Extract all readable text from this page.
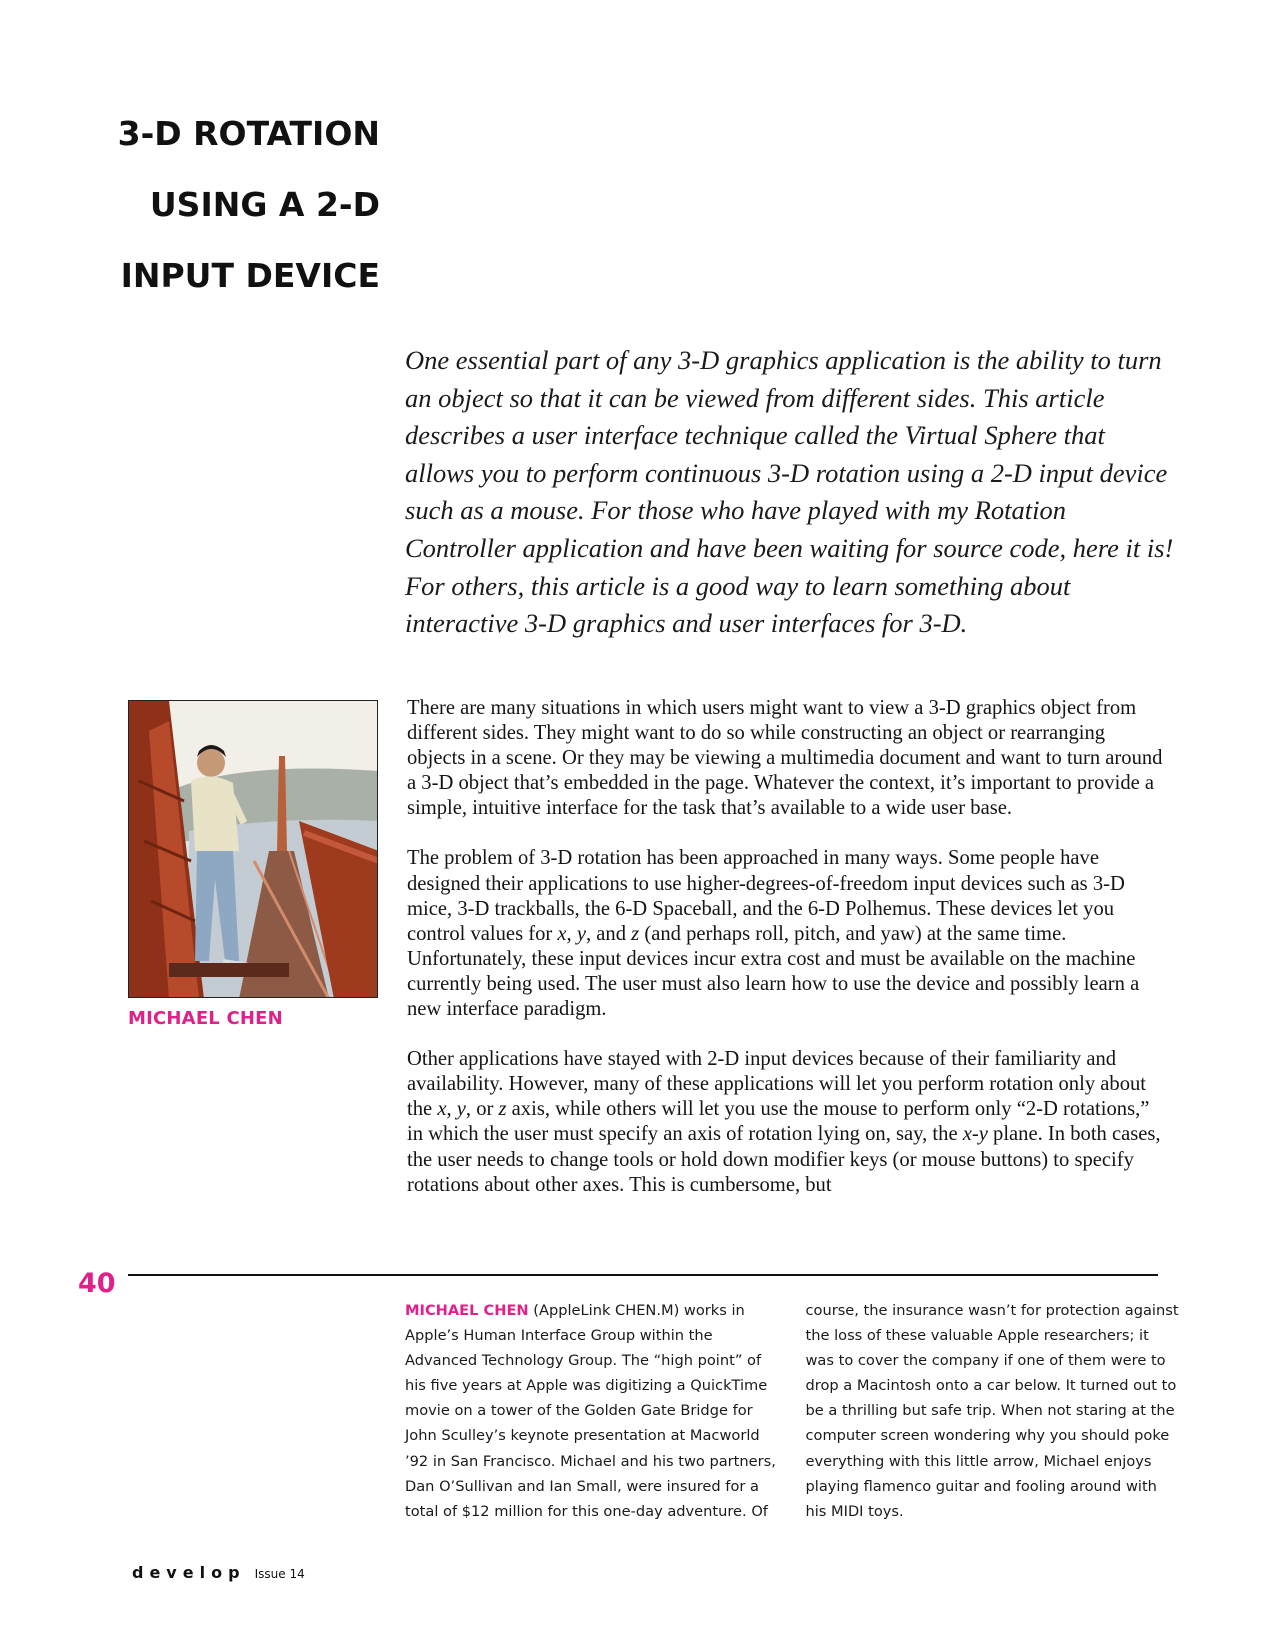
3-D ROTATION
USING A 2-D
INPUT DEVICE
One essential part of any 3-D graphics application is the ability to turn an object so that it can be viewed from different sides. This article describes a user interface technique called the Virtual Sphere that allows you to perform continuous 3-D rotation using a 2-D input device such as a mouse. For those who have played with my Rotation Controller application and have been waiting for source code, here it is! For others, this article is a good way to learn something about interactive 3-D graphics and user interfaces for 3-D.
MICHAEL CHEN

There are many situations in which users might want to view a 3-D graphics object from different sides. They might want to do so while constructing an object or rearranging objects in a scene. Or they may be viewing a multimedia document and want to turn around a 3-D object that’s embedded in the page. Whatever the context, it’s important to provide a simple, intuitive interface for the task that’s available to a wide user base.

The problem of 3-D rotation has been approached in many ways. Some people have designed their applications to use higher-degrees-of-freedom input devices such as 3-D mice, 3-D trackballs, the 6-D Spaceball, and the 6-D Polhemus. These devices let you control values for x, y, and z (and perhaps roll, pitch, and yaw) at the same time. Unfortunately, these input devices incur extra cost and must be available on the machine currently being used. The user must also learn how to use the device and possibly learn a new interface paradigm.

Other applications have stayed with 2-D input devices because of their familiarity and availability. However, many of these applications will let you perform rotation only about the x, y, or z axis, while others will let you use the mouse to perform only “2-D rotations,” in which the user must specify an axis of rotation lying on, say, the x-y plane. In both cases, the user needs to change tools or hold down modifier keys (or mouse buttons) to specify rotations about other axes. This is cumbersome, but

40
MICHAEL CHEN (AppleLink CHEN.M) works in Apple’s Human Interface Group within the Advanced Technology Group. The “high point” of his five years at Apple was digitizing a QuickTime movie on a tower of the Golden Gate Bridge for John Sculley’s keynote presentation at Macworld ’92 in San Francisco. Michael and his two partners, Dan O’Sullivan and Ian Small, were insured for a total of $12 million for this one-day adventure. Of course, the insurance wasn’t for protection against the loss of these valuable Apple researchers; it was to cover the company if one of them were to drop a Macintosh onto a car below. It turned out to be a thrilling but safe trip. When not staring at the computer screen wondering why you should poke everything with this little arrow, Michael enjoys playing flamenco guitar and fooling around with his MIDI toys.
develop Issue 14
